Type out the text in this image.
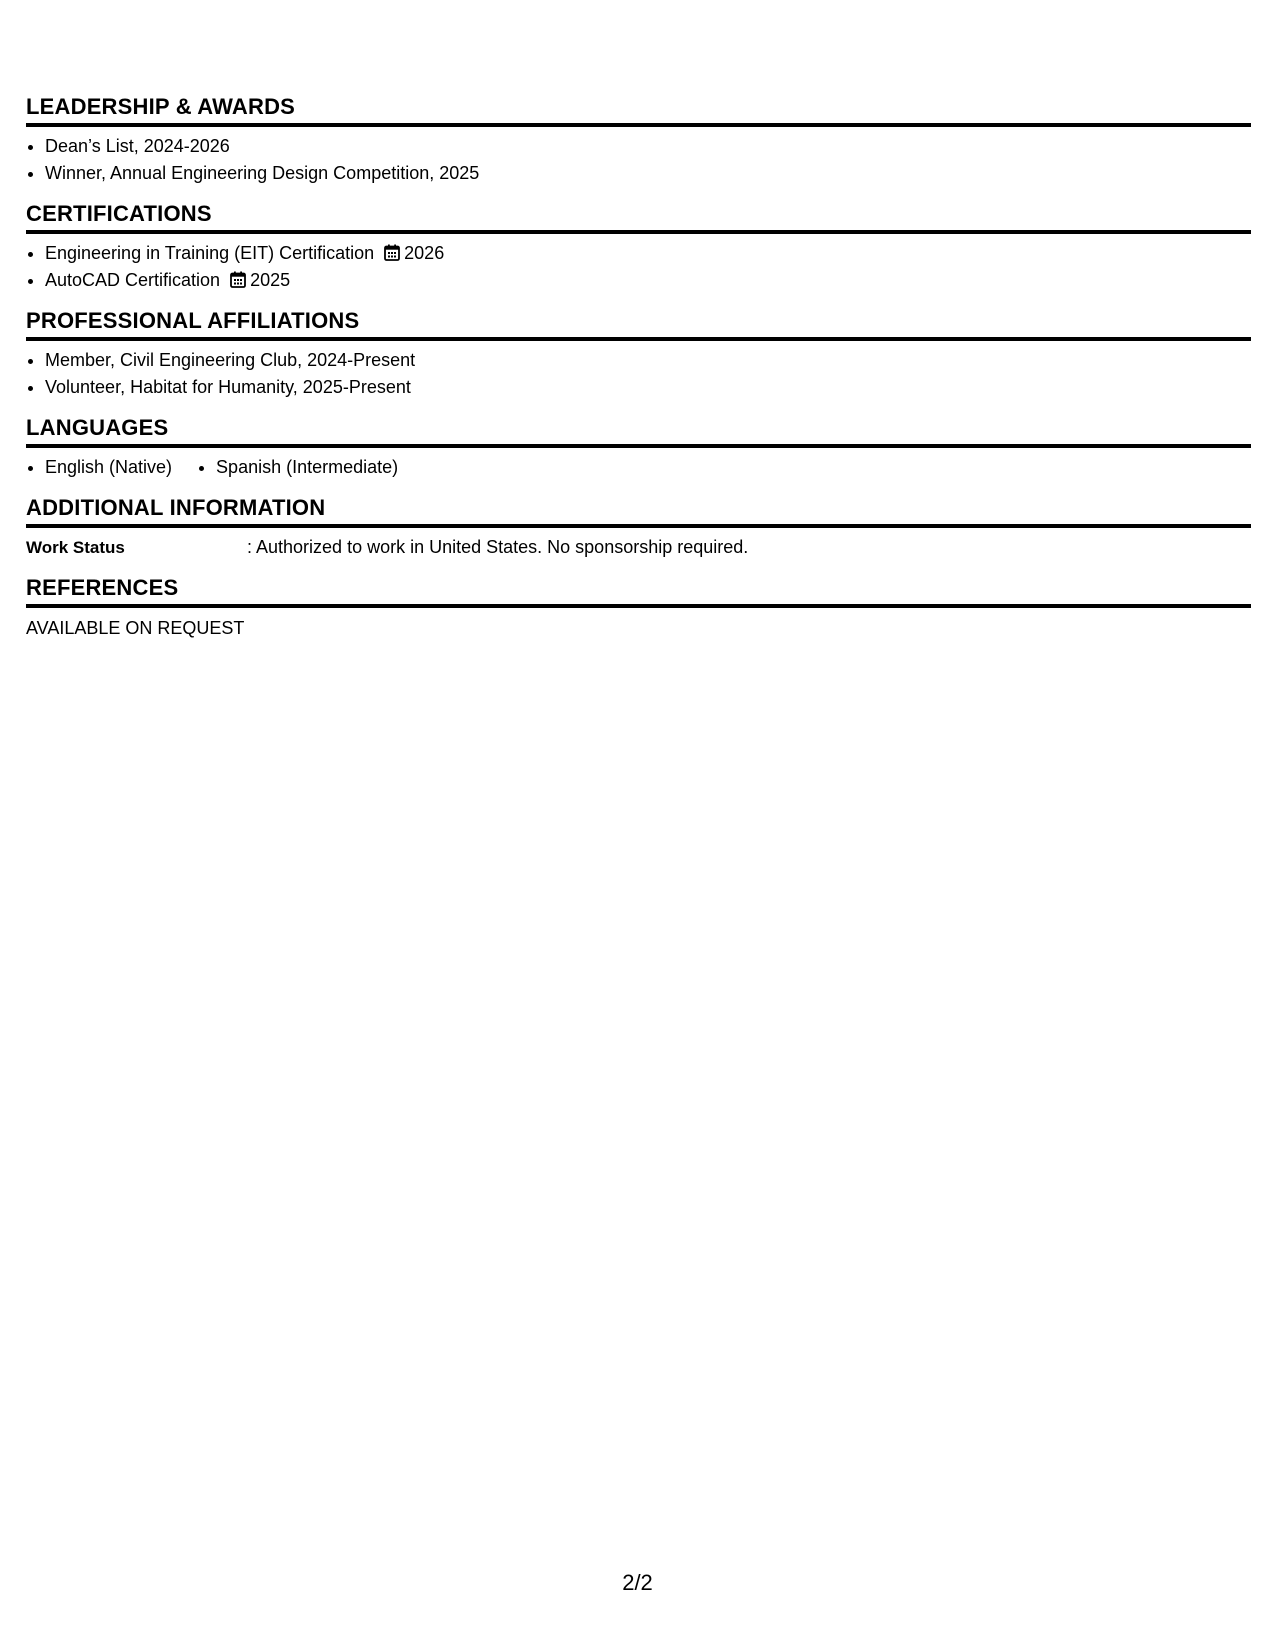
LEADERSHIP & AWARDS
• Dean’s List, 2024-2026
• Winner, Annual Engineering Design Competition, 2025
CERTIFICATIONS
• Engineering in Training (EIT) Certification 2026
• AutoCAD Certification 2025
PROFESSIONAL AFFILIATIONS
• Member, Civil Engineering Club, 2024-Present
• Volunteer, Habitat for Humanity, 2025-Present
LANGUAGES
• English (Native)
• Spanish (Intermediate)
ADDITIONAL INFORMATION
Work Status	: Authorized to work in United States. No sponsorship required.
REFERENCES
AVAILABLE ON REQUEST
2/2
